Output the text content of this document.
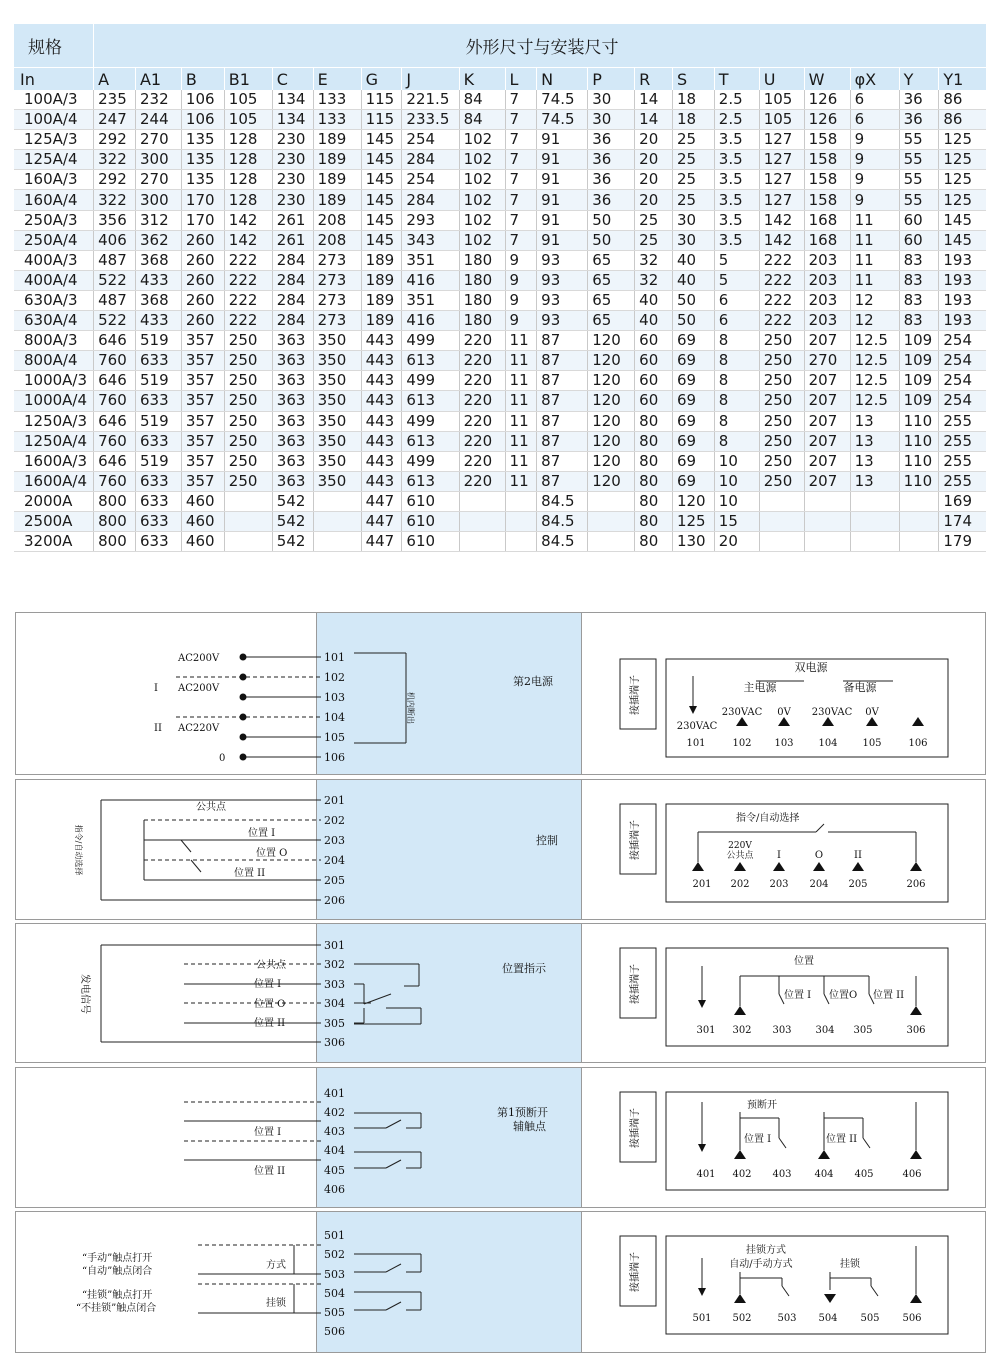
规格	外形尺寸与安装尺寸																			
In	A	A1	B	B1	C	E	G	J	K	L	N	P	R	S	T	U	W	φX	Y	Y1
100A/3	235	232	106	105	134	133	115	221.5	84	7	74.5	30	14	18	2.5	105	126	6	36	86
100A/4	247	244	106	105	134	133	115	233.5	84	7	74.5	30	14	18	2.5	105	126	6	36	86
125A/3	292	270	135	128	230	189	145	254	102	7	91	36	20	25	3.5	127	158	9	55	125
125A/4	322	300	135	128	230	189	145	284	102	7	91	36	20	25	3.5	127	158	9	55	125
160A/3	292	270	135	128	230	189	145	254	102	7	91	36	20	25	3.5	127	158	9	55	125
160A/4	322	300	170	128	230	189	145	284	102	7	91	36	20	25	3.5	127	158	9	55	125
250A/3	356	312	170	142	261	208	145	293	102	7	91	50	25	30	3.5	142	168	11	60	145
250A/4	406	362	260	142	261	208	145	343	102	7	91	50	25	30	3.5	142	168	11	60	145
400A/3	487	368	260	222	284	273	189	351	180	9	93	65	32	40	5	222	203	11	83	193
400A/4	522	433	260	222	284	273	189	416	180	9	93	65	32	40	5	222	203	11	83	193
630A/3	487	368	260	222	284	273	189	351	180	9	93	65	40	50	6	222	203	12	83	193
630A/4	522	433	260	222	284	273	189	416	180	9	93	65	40	50	6	222	203	12	83	193
800A/3	646	519	357	250	363	350	443	499	220	11	87	120	60	69	8	250	207	12.5	109	254
800A/4	760	633	357	250	363	350	443	613	220	11	87	120	60	69	8	250	270	12.5	109	254
1000A/3	646	519	357	250	363	350	443	499	220	11	87	120	60	69	8	250	207	12.5	109	254
1000A/4	760	633	357	250	363	350	443	613	220	11	87	120	60	69	8	250	207	12.5	109	254
1250A/3	646	519	357	250	363	350	443	499	220	11	87	120	80	69	8	250	207	13	110	255
1250A/4	760	633	357	250	363	350	443	613	220	11	87	120	80	69	8	250	207	13	110	255
1600A/3	646	519	357	250	363	350	443	499	220	11	87	120	80	69	10	250	207	13	110	255
1600A/4	760	633	357	250	363	350	443	613	220	11	87	120	80	69	10	250	207	13	110	255
2000A	800	633	460		542		447	610			84.5		80	120	10					169
2500A	800	633	460		542		447	610			84.5		80	125	15					174
3200A	800	633	460		542		447	610			84.5		80	130	20					179
AC200V
I AC200V
II AC220V
0
101
102
103
104
105
106
机内断出
第2电源	接插端子
双电源
主电源	备电源
230VAC 0V 230VAC 0V
230VAC
101	102 103 104 105	106
指令/自动选择
公共点
位置 I
位置 O
位置 II
201
202
203
204
205
206
控制	接插端子
指令/自动选择
220V
公共点 I	O	II
201 202 203 204 205	206
发电信号
公共点
位置 I
位置 O
位置 II
301
302
303
304
305
306
位置指示	接插端子
位置
位置 I 位置O 位置 II
301 302 303 304 305	306
位置 I
位置 II
401
402
403
404
405
406
第1预断开
辅触点	接插端子
预断开
位置 I	位置 II
401 402 403 404 405	406
“手动”触点打开
“自动”触点闭合
“挂锁”触点打开
“不挂锁”触点闭合
方式
挂锁
501
502
503
504
505
506
接插端子
挂锁方式
自动/手动方式	挂锁
501 502	503 504 505 506
